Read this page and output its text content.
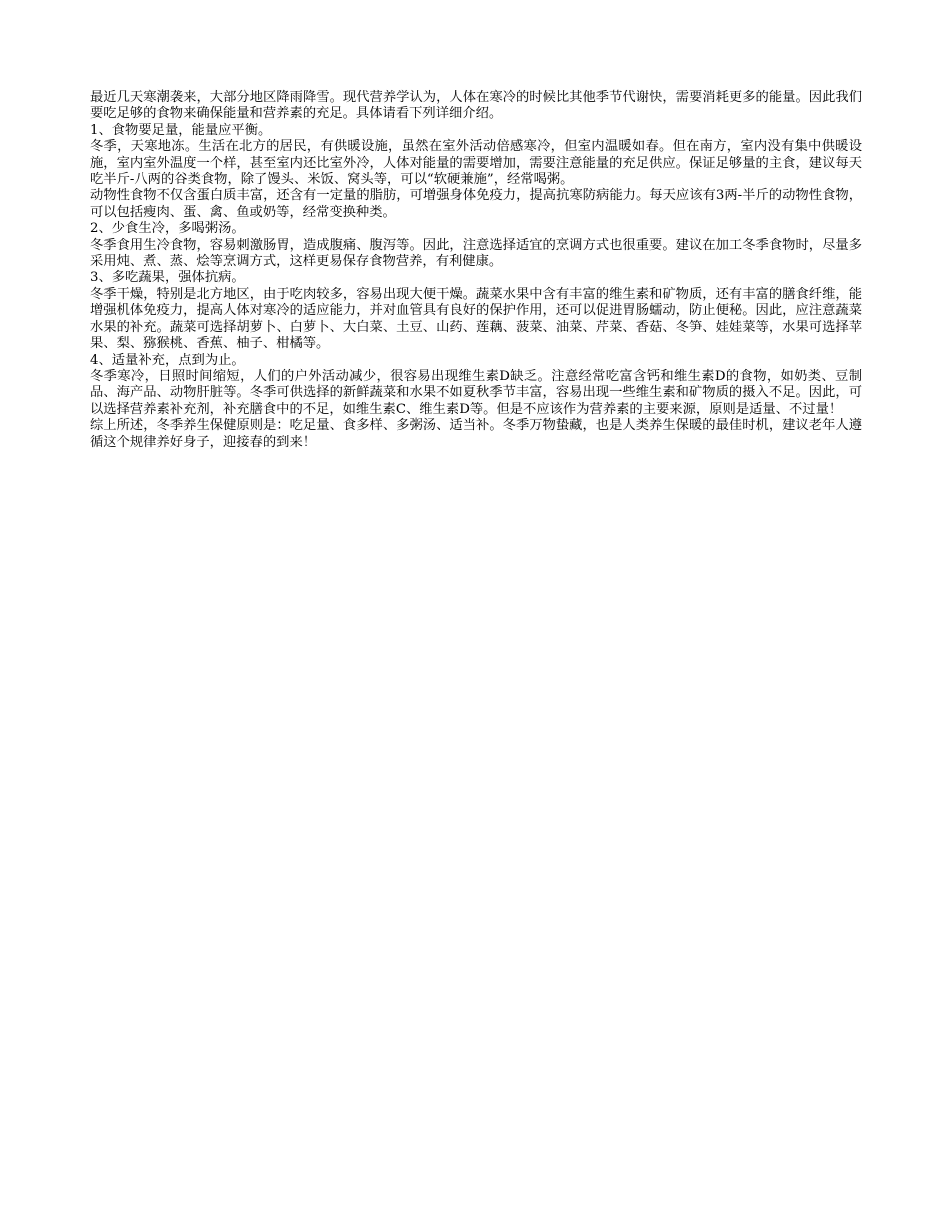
最近几天寒潮袭来，大部分地区降雨降雪。现代营养学认为，人体在寒冷的时候比其他季节代谢快，需要消耗更多的能量。因此我们要吃足够的食物来确保能量和营养素的充足。具体请看下列详细介绍。

1、食物要足量，能量应平衡。

冬季，天寒地冻。生活在北方的居民，有供暖设施，虽然在室外活动倍感寒冷，但室内温暖如春。但在南方，室内没有集中供暖设施，室内室外温度一个样，甚至室内还比室外冷，人体对能量的需要增加，需要注意能量的充足供应。保证足够量的主食，建议每天吃半斤-八两的谷类食物，除了馒头、米饭、窝头等，可以“软硬兼施”，经常喝粥。

动物性食物不仅含蛋白质丰富，还含有一定量的脂肪，可增强身体免疫力，提高抗寒防病能力。每天应该有3两-半斤的动物性食物，可以包括瘦肉、蛋、禽、鱼或奶等，经常变换种类。

2、少食生冷，多喝粥汤。

冬季食用生冷食物，容易刺激肠胃，造成腹痛、腹泻等。因此，注意选择适宜的烹调方式也很重要。建议在加工冬季食物时，尽量多采用炖、煮、蒸、烩等烹调方式，这样更易保存食物营养，有利健康。

3、多吃蔬果，强体抗病。

冬季干燥，特别是北方地区，由于吃肉较多，容易出现大便干燥。蔬菜水果中含有丰富的维生素和矿物质，还有丰富的膳食纤维，能增强机体免疫力，提高人体对寒冷的适应能力，并对血管具有良好的保护作用，还可以促进胃肠蠕动，防止便秘。因此，应注意蔬菜水果的补充。蔬菜可选择胡萝卜、白萝卜、大白菜、土豆、山药、莲藕、菠菜、油菜、芹菜、香菇、冬笋、娃娃菜等，水果可选择苹果、梨、猕猴桃、香蕉、柚子、柑橘等。

4、适量补充，点到为止。

冬季寒冷，日照时间缩短，人们的户外活动减少，很容易出现维生素D缺乏。注意经常吃富含钙和维生素D的食物，如奶类、豆制品、海产品、动物肝脏等。冬季可供选择的新鲜蔬菜和水果不如夏秋季节丰富，容易出现一些维生素和矿物质的摄入不足。因此，可以选择营养素补充剂，补充膳食中的不足，如维生素C、维生素D等。但是不应该作为营养素的主要来源，原则是适量、不过量！

综上所述，冬季养生保健原则是：吃足量、食多样、多粥汤、适当补。冬季万物蛰藏，也是人类养生保暖的最佳时机，建议老年人遵循这个规律养好身子，迎接春的到来！
